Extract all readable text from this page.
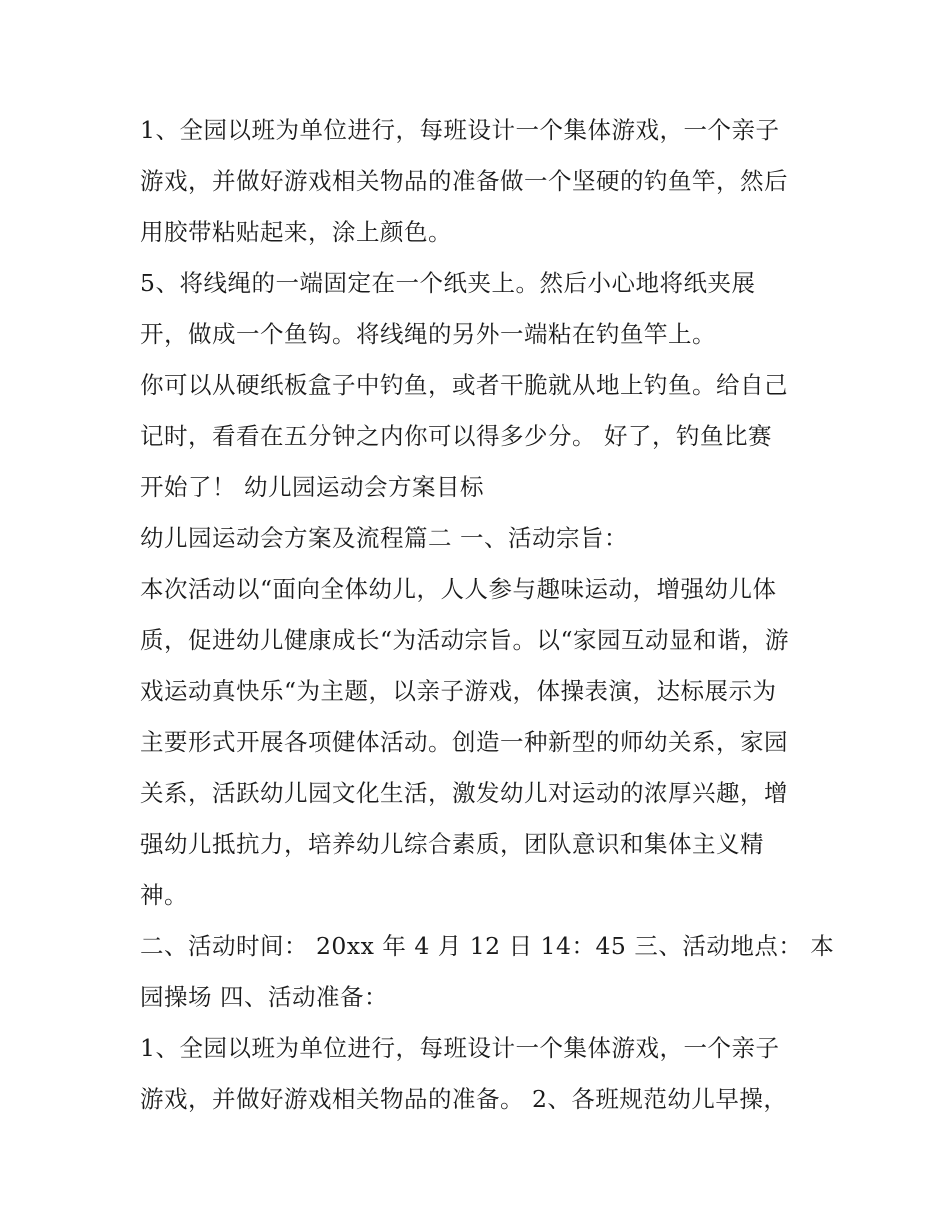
1、全园以班为单位进行，每班设计一个集体游戏，一个亲子
游戏，并做好游戏相关物品的准备做一个坚硬的钓鱼竿，然后
用胶带粘贴起来，涂上颜色。

5、将线绳的一端固定在一个纸夹上。然后小心地将纸夹展
开，做成一个鱼钩。将线绳的另外一端粘在钓鱼竿上。

你可以从硬纸板盒子中钓鱼，或者干脆就从地上钓鱼。给自己
记时，看看在五分钟之内你可以得多少分。 好了，钓鱼比赛
开始了！ 幼儿园运动会方案目标

幼儿园运动会方案及流程篇二 一、活动宗旨：

本次活动以“面向全体幼儿，人人参与趣味运动，增强幼儿体
质，促进幼儿健康成长“为活动宗旨。以“家园互动显和谐，游
戏运动真快乐“为主题，以亲子游戏，体操表演，达标展示为
主要形式开展各项健体活动。创造一种新型的师幼关系，家园
关系，活跃幼儿园文化生活，激发幼儿对运动的浓厚兴趣，增
强幼儿抵抗力，培养幼儿综合素质，团队意识和集体主义精
神。

二、活动时间： 20xx 年 4 月 12 日 14：45 三、活动地点： 本
园操场 四、活动准备：

1、全园以班为单位进行，每班设计一个集体游戏，一个亲子
游戏，并做好游戏相关物品的准备。 2、各班规范幼儿早操，
